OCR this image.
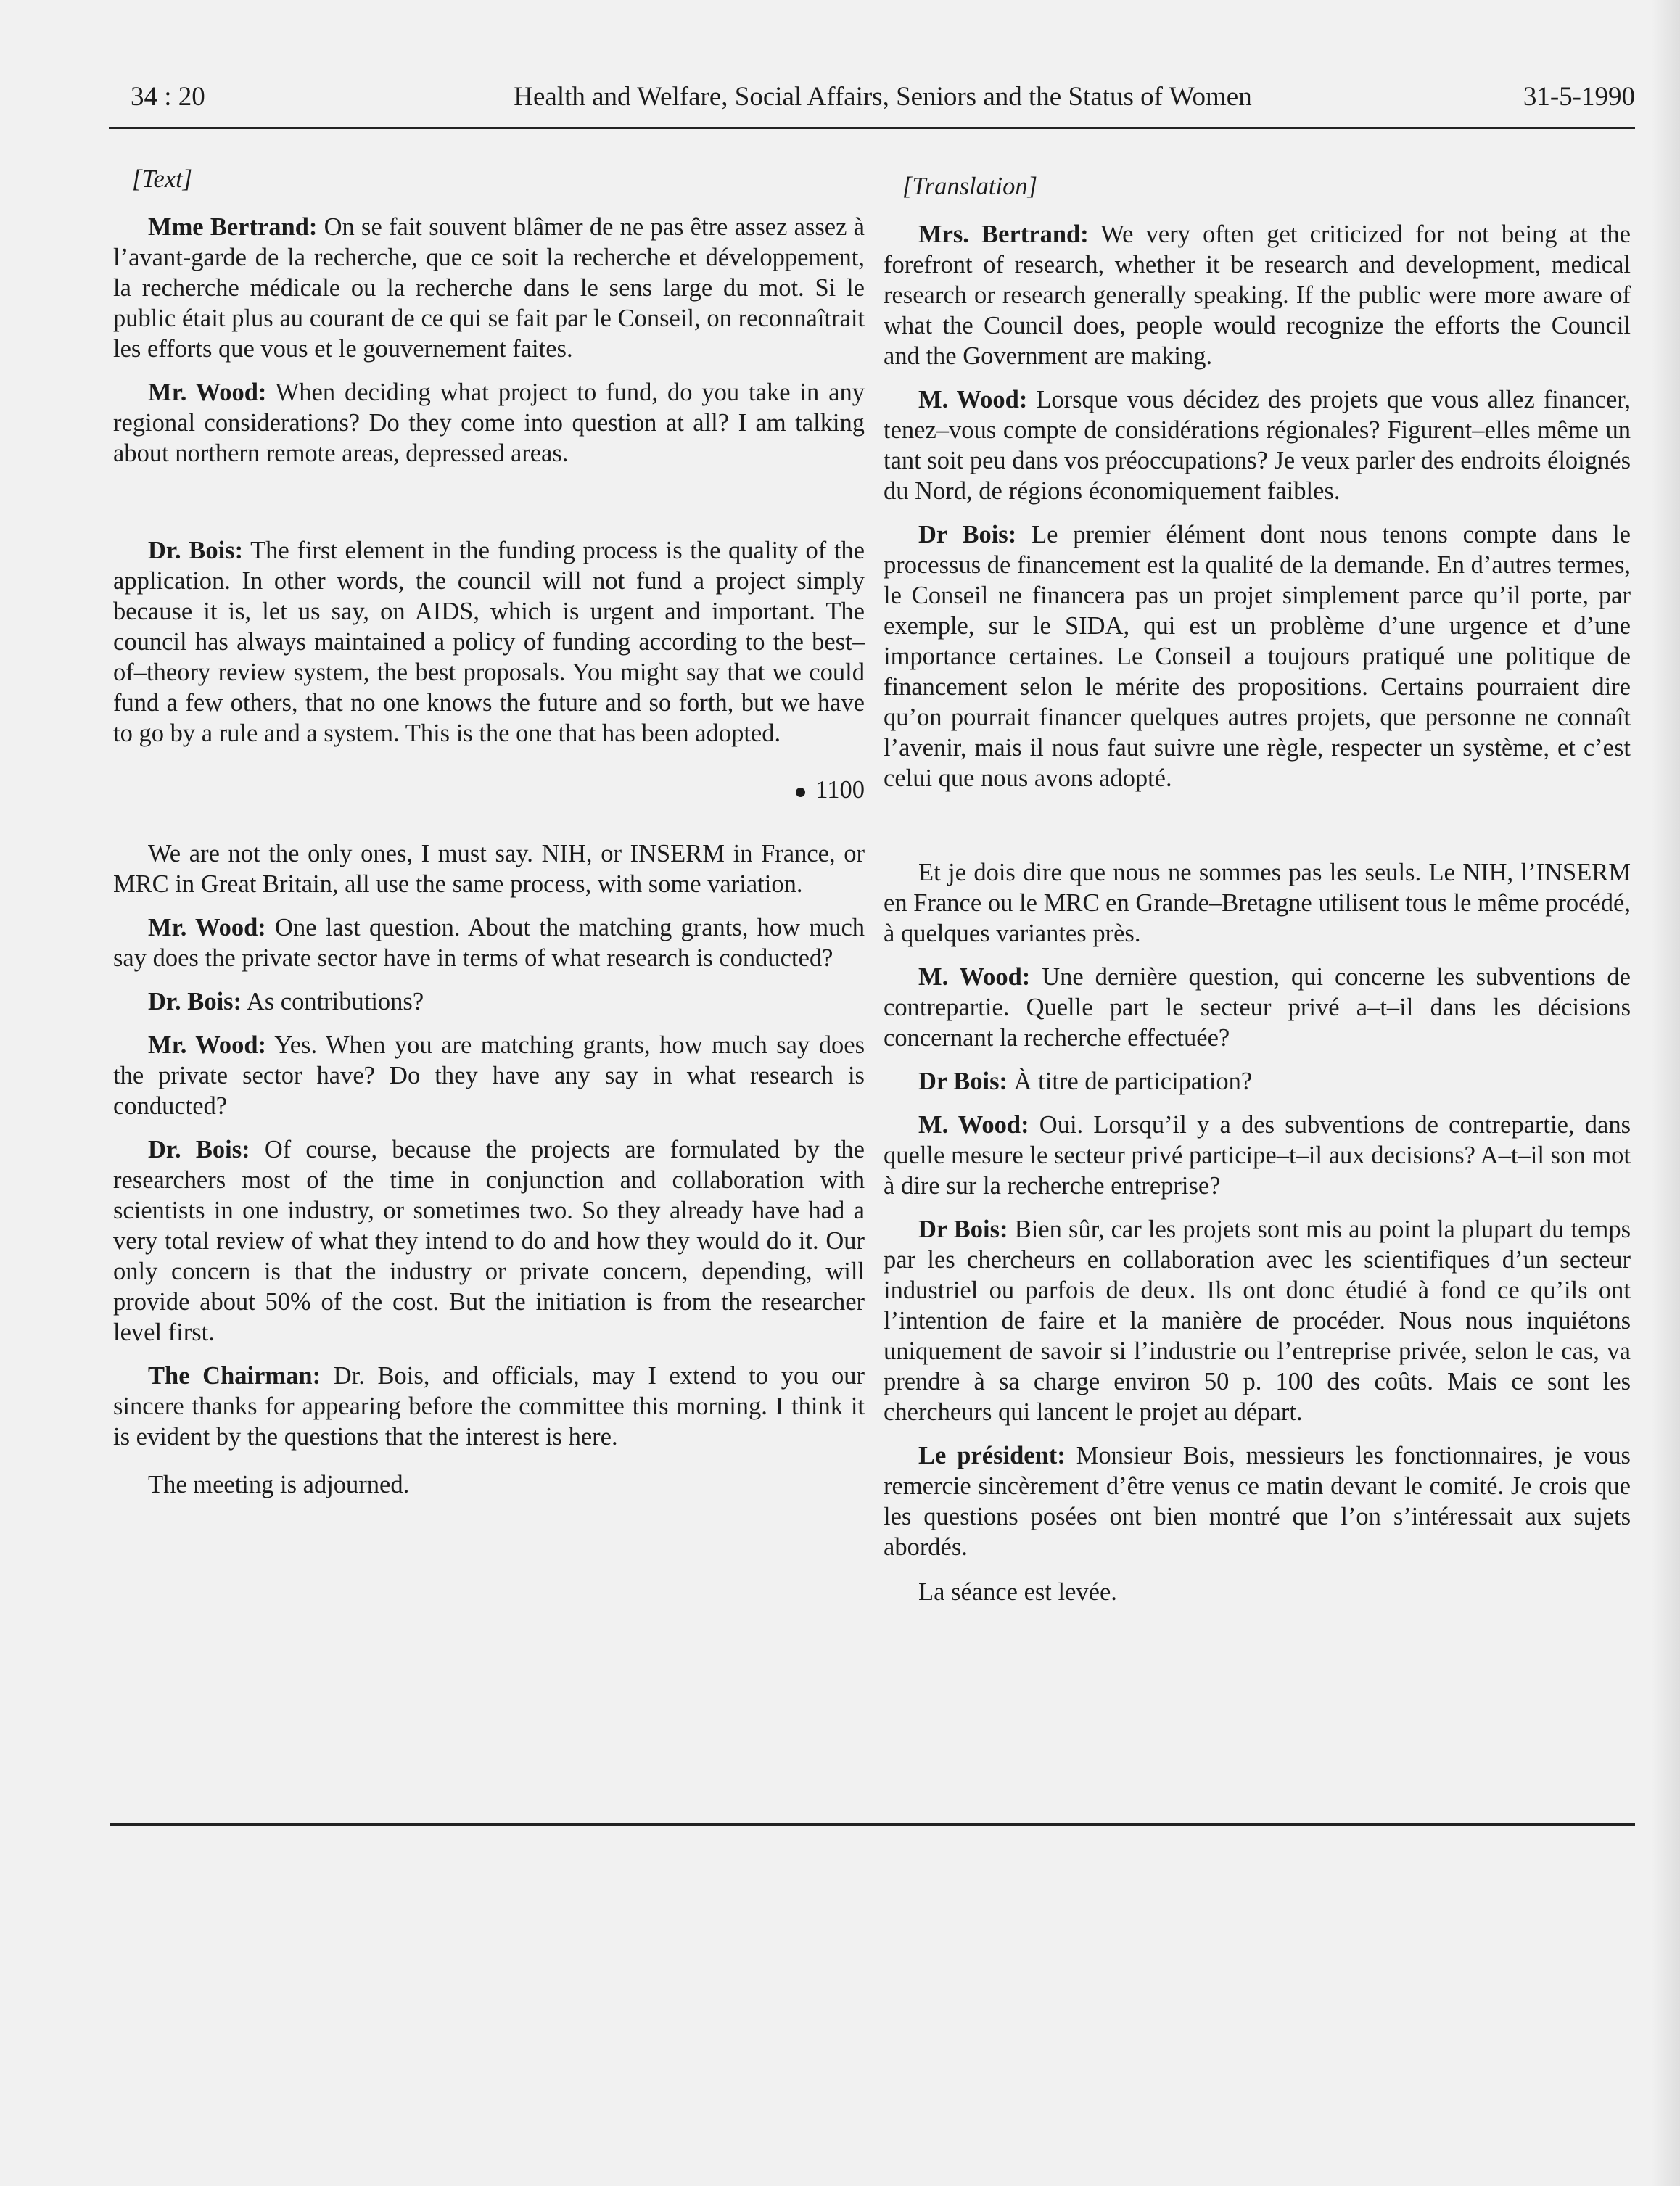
34 : 20	Health and Welfare, Social Affairs, Seniors and the Status of Women	31-5-1990

[Text]

Mme Bertrand: On se fait souvent blâmer de ne pas être assez assez à l’avant-garde de la recherche, que ce soit la recherche et développement, la recherche médicale ou la recherche dans le sens large du mot. Si le public était plus au courant de ce qui se fait par le Conseil, on reconnaîtrait les efforts que vous et le gouvernement faites.

Mr. Wood: When deciding what project to fund, do you take in any regional considerations? Do they come into question at all? I am talking about northern remote areas, depressed areas.

Dr. Bois: The first element in the funding process is the quality of the application. In other words, the council will not fund a project simply because it is, let us say, on AIDS, which is urgent and important. The council has always maintained a policy of funding according to the best–of–theory review system, the best proposals. You might say that we could fund a few others, that no one knows the future and so forth, but we have to go by a rule and a system. This is the one that has been adopted.

1100

We are not the only ones, I must say. NIH, or INSERM in France, or MRC in Great Britain, all use the same process, with some variation.

Mr. Wood: One last question. About the matching grants, how much say does the private sector have in terms of what research is conducted?

Dr. Bois: As contributions?

Mr. Wood: Yes. When you are matching grants, how much say does the private sector have? Do they have any say in what research is conducted?

Dr. Bois: Of course, because the projects are formulated by the researchers most of the time in conjunction and collaboration with scientists in one industry, or sometimes two. So they already have had a very total review of what they intend to do and how they would do it. Our only concern is that the industry or private concern, depending, will provide about 50% of the cost. But the initiation is from the researcher level first.

The Chairman: Dr. Bois, and officials, may I extend to you our sincere thanks for appearing before the committee this morning. I think it is evident by the questions that the interest is here.

The meeting is adjourned.

[Translation]

Mrs. Bertrand: We very often get criticized for not being at the forefront of research, whether it be research and development, medical research or research generally speaking. If the public were more aware of what the Council does, people would recognize the efforts the Council and the Government are making.

M. Wood: Lorsque vous décidez des projets que vous allez financer, tenez–vous compte de considérations régionales? Figurent–elles même un tant soit peu dans vos préoccupations? Je veux parler des endroits éloignés du Nord, de régions économiquement faibles.

Dr Bois: Le premier élément dont nous tenons compte dans le processus de financement est la qualité de la demande. En d’autres termes, le Conseil ne financera pas un projet simplement parce qu’il porte, par exemple, sur le SIDA, qui est un problème d’une urgence et d’une importance certaines. Le Conseil a toujours pratiqué une politique de financement selon le mérite des propositions. Certains pourraient dire qu’on pourrait financer quelques autres projets, que personne ne connaît l’avenir, mais il nous faut suivre une règle, respecter un système, et c’est celui que nous avons adopté.

Et je dois dire que nous ne sommes pas les seuls. Le NIH, l’INSERM en France ou le MRC en Grande–Bretagne utilisent tous le même procédé, à quelques variantes près.

M. Wood: Une dernière question, qui concerne les subventions de contrepartie. Quelle part le secteur privé a–t–il dans les décisions concernant la recherche effectuée?

Dr Bois: À titre de participation?

M. Wood: Oui. Lorsqu’il y a des subventions de contrepartie, dans quelle mesure le secteur privé participe–t–il aux decisions? A–t–il son mot à dire sur la recherche entreprise?

Dr Bois: Bien sûr, car les projets sont mis au point la plupart du temps par les chercheurs en collaboration avec les scientifiques d’un secteur industriel ou parfois de deux. Ils ont donc étudié à fond ce qu’ils ont l’intention de faire et la manière de procéder. Nous nous inquiétons uniquement de savoir si l’industrie ou l’entreprise privée, selon le cas, va prendre à sa charge environ 50 p. 100 des coûts. Mais ce sont les chercheurs qui lancent le projet au départ.

Le président: Monsieur Bois, messieurs les fonctionnaires, je vous remercie sincèrement d’être venus ce matin devant le comité. Je crois que les questions posées ont bien montré que l’on s’intéressait aux sujets abordés.

La séance est levée.
